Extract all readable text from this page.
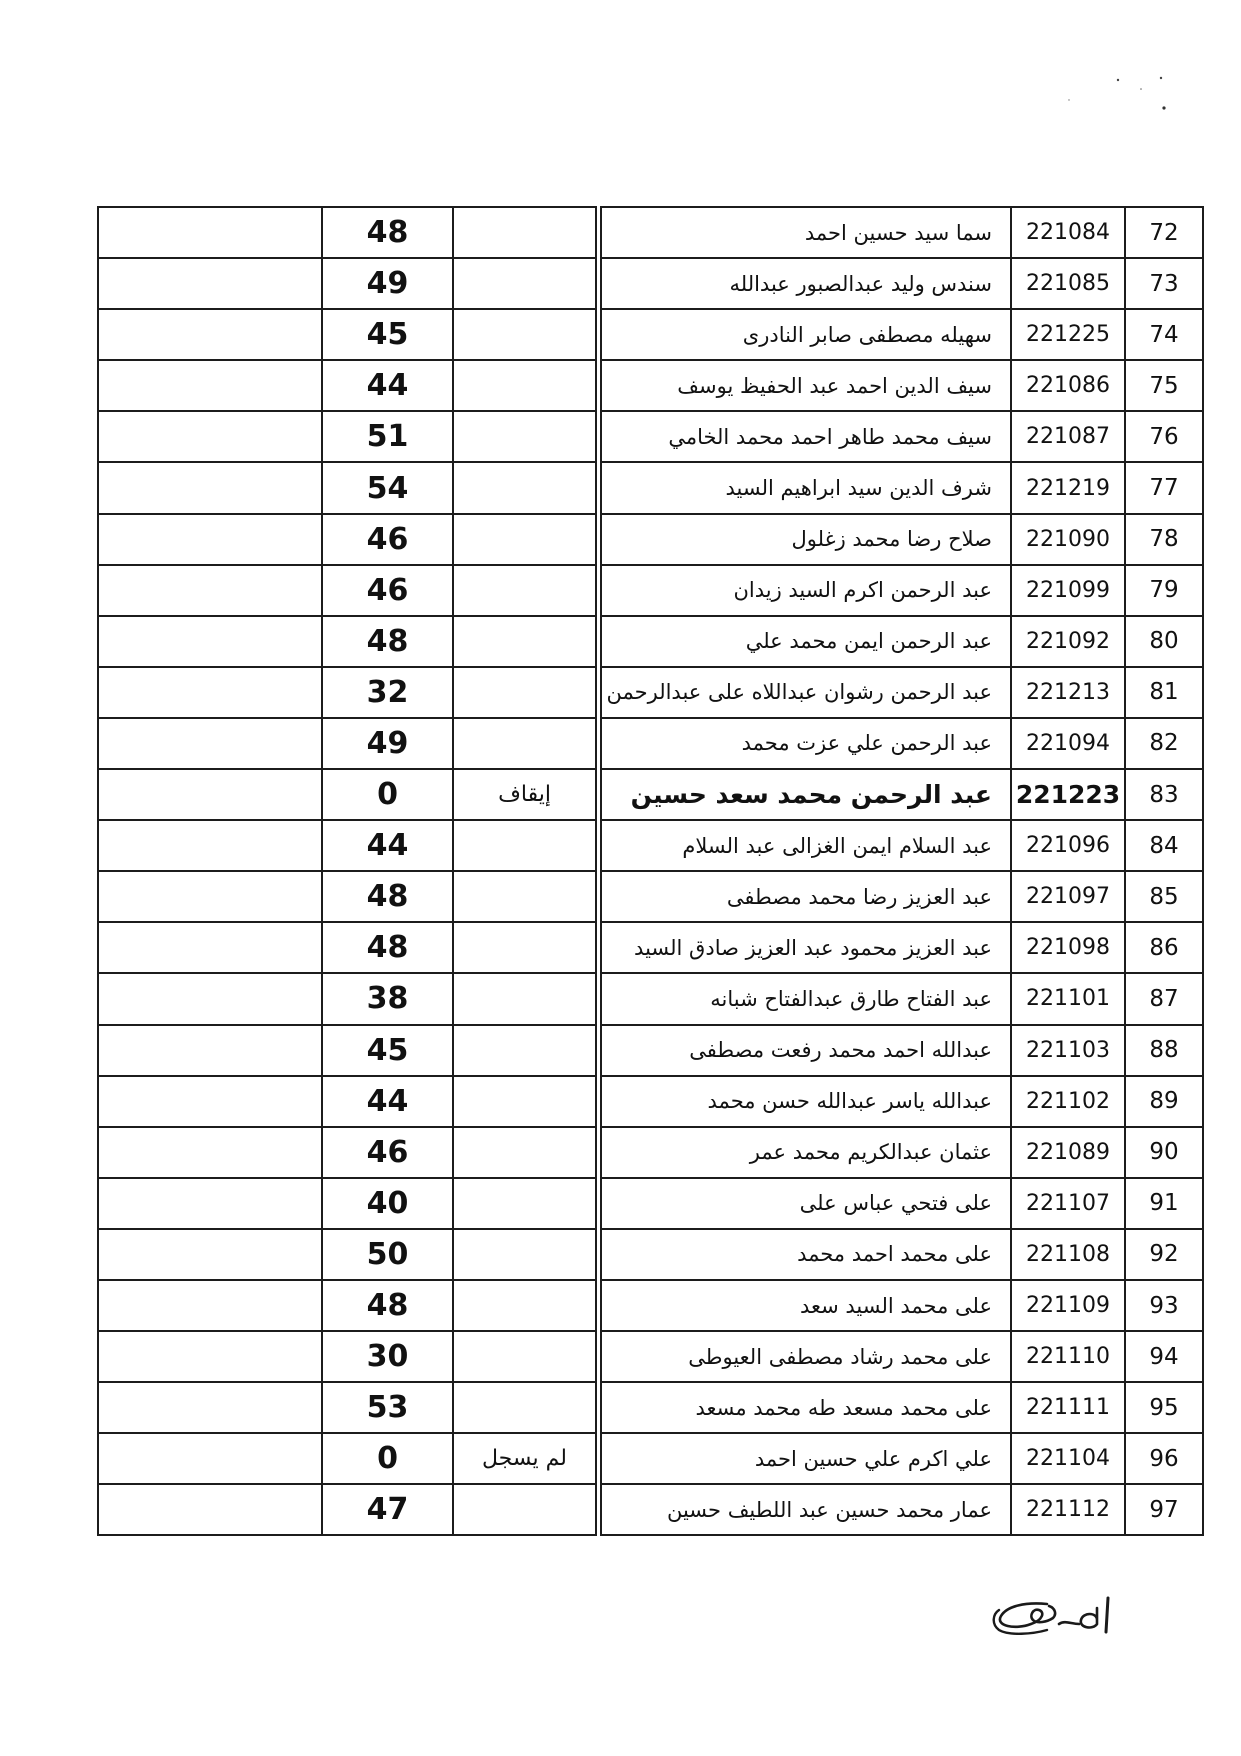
	48			سما سيد حسين احمد	221084	72
	49			سندس وليد عبدالصبور عبدالله	221085	73
	45			سهيله مصطفى صابر النادرى	221225	74
	44			سيف الدين احمد عبد الحفيظ يوسف	221086	75
	51			سيف محمد طاهر احمد محمد الخامي	221087	76
	54			شرف الدين سيد ابراهيم السيد	221219	77
	46			صلاح رضا محمد زغلول	221090	78
	46			عبد الرحمن اكرم السيد زيدان	221099	79
	48			عبد الرحمن ايمن محمد علي	221092	80
	32			عبد الرحمن رشوان عبداللاه على عبدالرحمن	221213	81
	49			عبد الرحمن علي عزت محمد	221094	82
	0	إيقاف		عبد الرحمن محمد سعد حسين	221223	83
	44			عبد السلام ايمن الغزالى عبد السلام	221096	84
	48			عبد العزيز رضا محمد مصطفى	221097	85
	48			عبد العزيز محمود عبد العزيز صادق السيد	221098	86
	38			عبد الفتاح طارق عبدالفتاح شبانه	221101	87
	45			عبدالله احمد محمد رفعت مصطفى	221103	88
	44			عبدالله ياسر عبدالله حسن محمد	221102	89
	46			عثمان عبدالكريم محمد عمر	221089	90
	40			على فتحي عباس على	221107	91
	50			على محمد احمد محمد	221108	92
	48			على محمد السيد سعد	221109	93
	30			على محمد رشاد مصطفى العيوطى	221110	94
	53			على محمد مسعد طه محمد مسعد	221111	95
	0	لم يسجل		علي اكرم علي حسين احمد	221104	96
	47			عمار محمد حسين عبد اللطيف حسين	221112	97
